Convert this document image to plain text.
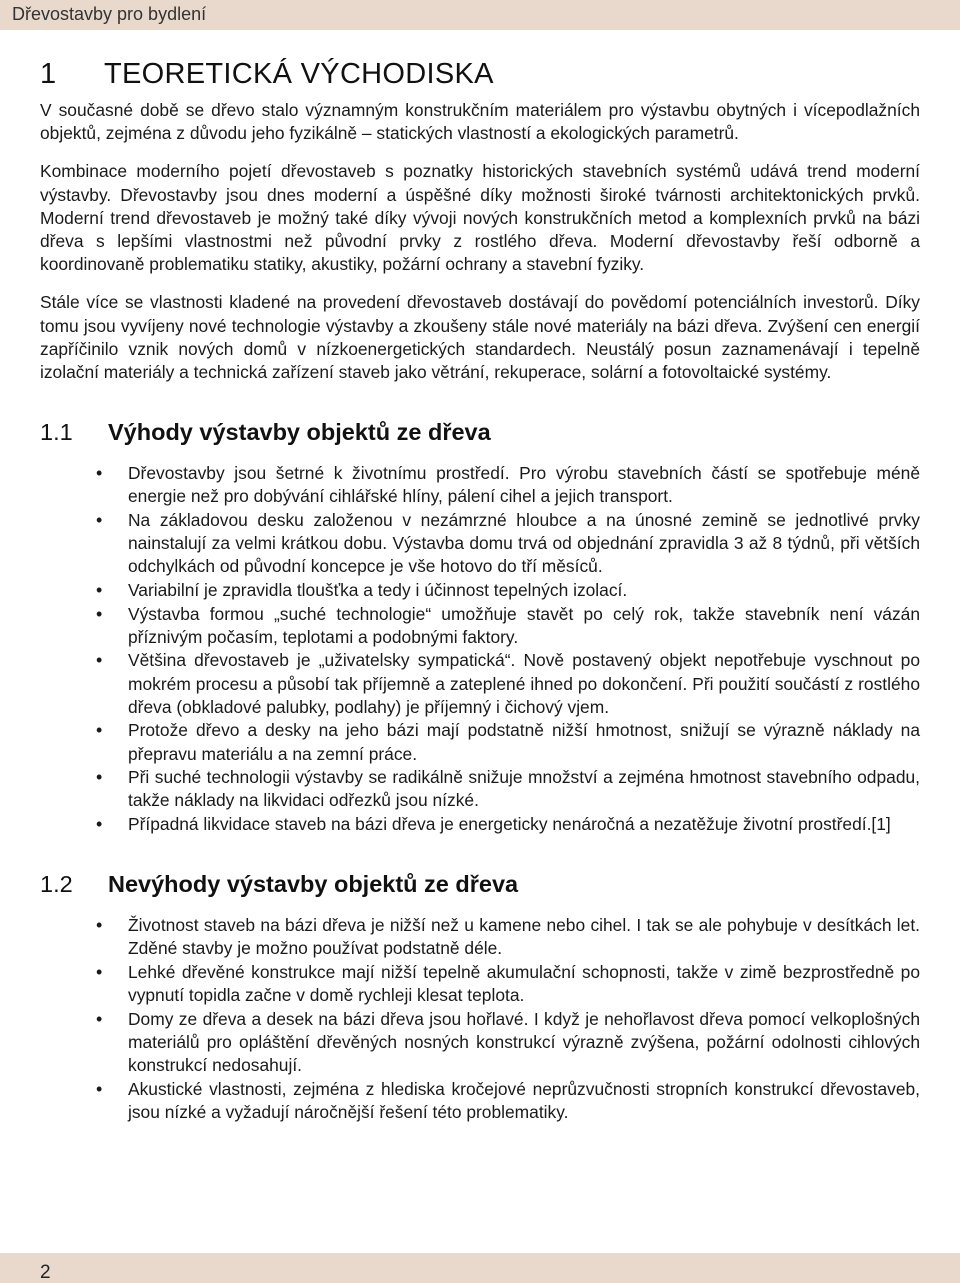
Dřevostavby pro bydlení
1	TEORETICKÁ VÝCHODISKA

V současné době se dřevo stalo významným konstrukčním materiálem pro výstavbu obytných i vícepodlažních objektů, zejména z důvodu jeho fyzikálně – statických vlastností a ekologických parametrů.

Kombinace moderního pojetí dřevostaveb s poznatky historických stavebních systémů udává trend moderní výstavby. Dřevostavby jsou dnes moderní a úspěšné díky možnosti široké tvárnosti architektonických prvků. Moderní trend dřevostaveb je možný také díky vývoji nových konstrukčních metod a komplexních prvků na bázi dřeva s lepšími vlastnostmi než původní prvky z rostlého dřeva. Moderní dřevostavby řeší odborně a koordinovaně problematiku statiky, akustiky, požární ochrany a stavební fyziky.

Stále více se vlastnosti kladené na provedení dřevostaveb dostávají do povědomí potenciálních investorů. Díky tomu jsou vyvíjeny nové technologie výstavby a zkoušeny stále nové materiály na bázi dřeva. Zvýšení cen energií zapříčinilo vznik nových domů v nízkoenergetických standardech. Neustálý posun zaznamenávají i tepelně izolační materiály a technická zařízení staveb jako větrání, rekuperace, solární a fotovoltaické systémy.

1.1	Výhody výstavby objektů ze dřeva
• Dřevostavby jsou šetrné k životnímu prostředí. Pro výrobu stavebních částí se spotřebuje méně energie než pro dobývání cihlářské hlíny, pálení cihel a jejich transport.
• Na základovou desku založenou v nezámrzné hloubce a na únosné zemině se jednotlivé prvky nainstalují za velmi krátkou dobu. Výstavba domu trvá od objednání zpravidla 3 až 8 týdnů, při větších odchylkách od původní koncepce je vše hotovo do tří měsíců.
• Variabilní je zpravidla tloušťka a tedy i účinnost tepelných izolací.
• Výstavba formou „suché technologie“ umožňuje stavět po celý rok, takže stavebník není vázán příznivým počasím, teplotami a podobnými faktory.
• Většina dřevostaveb je „uživatelsky sympatická“. Nově postavený objekt nepotřebuje vyschnout po mokrém procesu a působí tak příjemně a zateplené ihned po dokončení. Při použití součástí z rostlého dřeva (obkladové palubky, podlahy) je příjemný i čichový vjem.
• Protože dřevo a desky na jeho bázi mají podstatně nižší hmotnost, snižují se výrazně náklady na přepravu materiálu a na zemní práce.
• Při suché technologii výstavby se radikálně snižuje množství a zejména hmotnost stavebního odpadu, takže náklady na likvidaci odřezků jsou nízké.
• Případná likvidace staveb na bázi dřeva je energeticky nenáročná a nezatěžuje životní prostředí.[1]
1.2	Nevýhody výstavby objektů ze dřeva
• Životnost staveb na bázi dřeva je nižší než u kamene nebo cihel. I tak se ale pohybuje v desítkách let. Zděné stavby je možno používat podstatně déle.
• Lehké dřevěné konstrukce mají nižší tepelně akumulační schopnosti, takže v zimě bezprostředně po vypnutí topidla začne v domě rychleji klesat teplota.
• Domy ze dřeva a desek na bázi dřeva jsou hořlavé. I když je nehořlavost dřeva pomocí velkoplošných materiálů pro opláštění dřevěných nosných konstrukcí výrazně zvýšena, požární odolnosti cihlových konstrukcí nedosahují.
• Akustické vlastnosti, zejména z hlediska kročejové neprůzvučnosti stropních konstrukcí dřevostaveb, jsou nízké a vyžadují náročnější řešení této problematiky.
2
